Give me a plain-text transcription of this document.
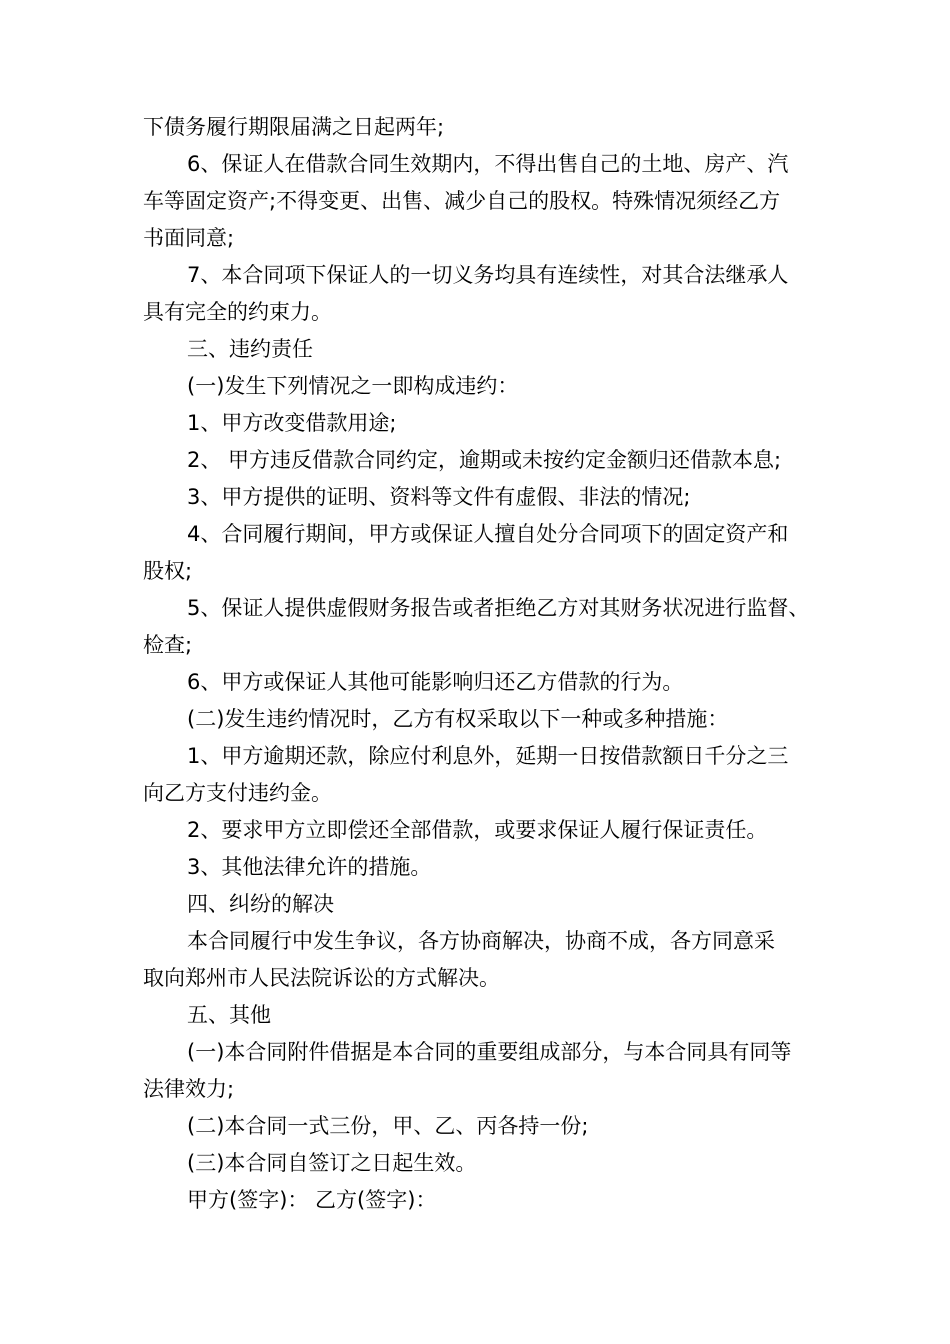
下债务履行期限届满之日起两年;
6、保证人在借款合同生效期内，不得出售自己的土地、房产、汽
车等固定资产;不得变更、出售、减少自己的股权。特殊情况须经乙方
书面同意;
7、本合同项下保证人的一切义务均具有连续性，对其合法继承人
具有完全的约束力。
三、违约责任
(一)发生下列情况之一即构成违约：
1、甲方改变借款用途;
2、 甲方违反借款合同约定，逾期或未按约定金额归还借款本息;
3、甲方提供的证明、资料等文件有虚假、非法的情况;
4、合同履行期间，甲方或保证人擅自处分合同项下的固定资产和
股权;
5、保证人提供虚假财务报告或者拒绝乙方对其财务状况进行监督、
检查;
6、甲方或保证人其他可能影响归还乙方借款的行为。
(二)发生违约情况时，乙方有权采取以下一种或多种措施：
1、甲方逾期还款，除应付利息外，延期一日按借款额日千分之三
向乙方支付违约金。
2、要求甲方立即偿还全部借款，或要求保证人履行保证责任。
3、其他法律允许的措施。
四、纠纷的解决
本合同履行中发生争议，各方协商解决，协商不成，各方同意采
取向郑州市人民法院诉讼的方式解决。
五、其他
(一)本合同附件借据是本合同的重要组成部分，与本合同具有同等
法律效力;
(二)本合同一式三份，甲、乙、丙各持一份;
(三)本合同自签订之日起生效。
甲方(签字)： 乙方(签字)：
